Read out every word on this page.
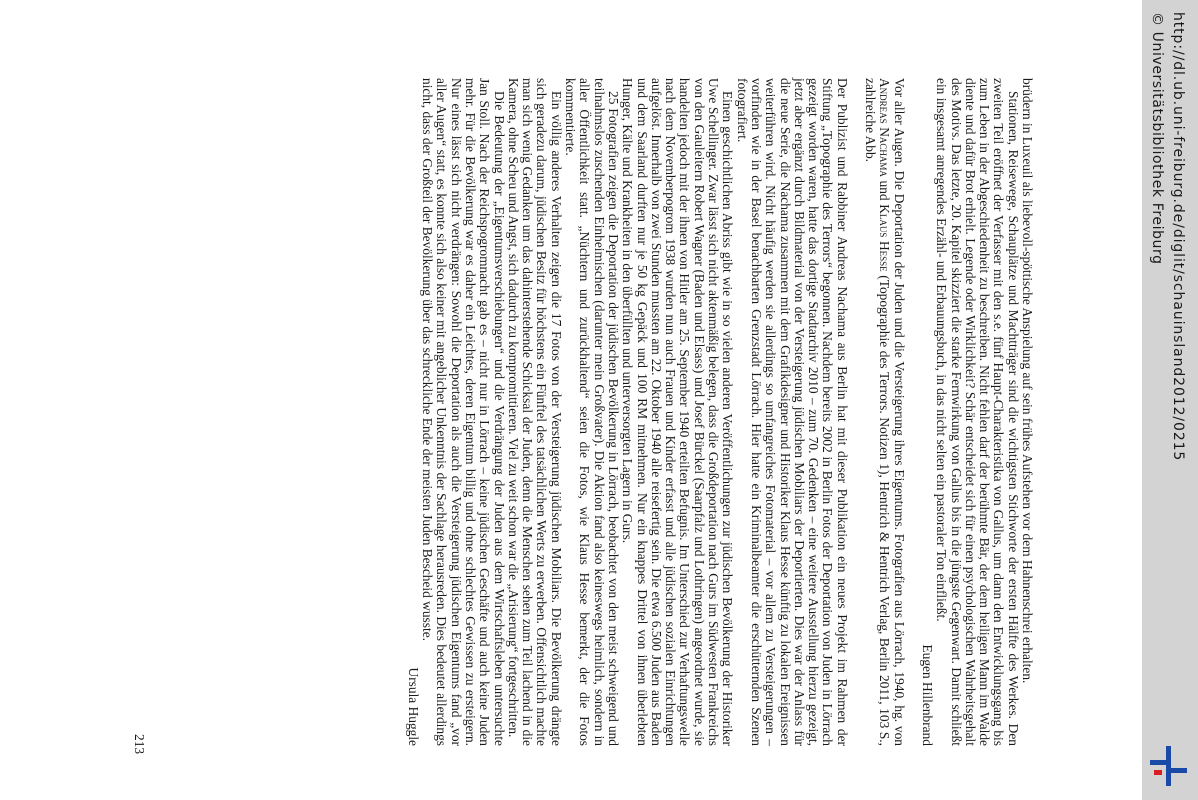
brüdern in Luxeuil als liebevoll-spöttische Anspielung auf sein frühes Aufstehen vor dem Hahnenschrei erhalten.

Stationen, Reisewege, Schauplätze und Machtträger sind die wichtigsten Stichworte der ersten Hälfte des Werkes. Den zweiten Teil eröffnet der Verfasser mit den s.e. fünf Haupt-Charakteristika von Gallus, um dann den Entwicklungsgang bis zum Leben in der Abgeschiedenheit zu beschreiben. Nicht fehlen darf der berühmte Bär, der dem heiligen Mann im Walde diente und dafür Brot erhielt. Legende oder Wirklichkeit? Schär entscheidet sich für einen psychologischen Wahrheitsgehalt des Motivs. Das letzte, 20. Kapitel skizziert die starke Fernwirkung von Gallus bis in die jüngste Gegenwart. Damit schließt ein insgesamt anregendes Erzähl- und Erbauungsbuch, in das nicht selten ein pastoraler Ton einfließt.

Eugen Hillenbrand

Vor aller Augen. Die Deportation der Juden und die Versteigerung ihres Eigentums. Fotografien aus Lörrach, 1940, hg. von Andreas Nachama und Klaus Hesse (Topographie des Terrors. Notizen 1), Hentrich & Hentrich Verlag, Berlin 2011, 103 S., zahlreiche Abb.

Der Publizist und Rabbiner Andreas Nachama aus Berlin hat mit dieser Publikation ein neues Projekt im Rahmen der Stiftung „Topographie des Terrors“ begonnen. Nachdem bereits 2002 in Berlin Fotos der Deportation von Juden in Lörrach gezeigt worden waren, hatte das dortige Stadtarchiv 2010 – zum 70. Gedenken – eine weitere Ausstellung hierzu gezeigt, jetzt aber ergänzt durch Bildmaterial von der Versteigerung jüdischen Mobiliars der Deportierten. Dies war der Anlass für die neue Serie, die Nachama zusammen mit dem Grafikdesigner und Historiker Klaus Hesse künftig zu lokalen Ereignissen weiterführen wird. Nicht häufig werden sie allerdings so umfangreiches Fotomaterial – vor allem zu Versteigerungen – vorfinden wie in der Basel benachbarten Grenzstadt Lörrach. Hier hatte ein Kriminalbeamter die erschütternden Szenen fotografiert.

Einen geschichtlichen Abriss gibt wie in so vielen anderen Veröffentlichungen zur jüdischen Bevölkerung der Historiker Uwe Schellinger. Zwar lässt sich nicht aktenmäßig belegen, dass die Großdeportation nach Gurs im Südwesten Frankreichs von den Gauleitern Robert Wagner (Baden und Elsass) und Josef Bürckel (Saarpfalz und Lothringen) angeordnet wurde, sie handelten jedoch mit der ihnen von Hitler am 25. September 1940 erteilten Befugnis. Im Unterschied zur Verhaftungswelle nach dem Novemberpogrom 1938 wurden nun auch Frauen und Kinder erfasst und alle jüdischen sozialen Einrichtungen aufgelöst. Innerhalb von zwei Stunden mussten am 22. Oktober 1940 alle reisefertig sein. Die etwa 6.500 Juden aus Baden und dem Saarland durften nur je 50 kg Gepäck und 100 RM mitnehmen. Nur ein knappes Drittel von ihnen überlebten Hunger, Kälte und Krankheiten in den überfüllten und unterversorgten Lagern in Gurs.

25 Fotografien zeigen die Deportation der jüdischen Bevölkerung in Lörrach, beobachtet von den meist schweigend und teilnahmslos zuschenden Einheimischen (darunter mein Großvater). Die Aktion fand also keineswegs heimlich, sondern in aller Öffentlichkeit statt. „Nüchtern und zurückhaltend“ seien die Fotos, wie Klaus Hesse bemerkt, der die Fotos kommentierte.

Ein völlig anderes Verhalten zeigen die 17 Fotos von der Versteigerung jüdischen Mobiliars. Die Bevölkerung drängte sich geradezu darum, jüdischen Besitz für höchstens ein Fünftel des tatsächlichen Werts zu erwerben. Offensichtlich machte man sich wenig Gedanken um das dahinterstehende Schicksal der Juden, denn die Menschen sehen zum Teil lachend in die Kamera, ohne Scheu und Angst, sich dadurch zu kompromittieren. Viel zu weit schon war die „Arisierung“ fortgeschritten.

Die Bedeutung der „Eigentumsverschiebungen“ und die Verdrängung der Juden aus dem Wirtschaftsleben untersuchte Jan Stoll. Nach der Reichspogromnacht gab es – nicht nur in Lörrach – keine jüdischen Geschäfte und auch keine Juden mehr. Für die Bevölkerung war es daher ein Leichtes, deren Eigentum billig und ohne schlechtes Gewissen zu ersteigern. Nur eines lässt sich nicht verdrängen: Sowohl die Deportation als auch die Versteigerung jüdischen Eigentums fand „vor aller Augen“ statt, es konnte sich also keiner mit angeblicher Unkenntnis der Sachlage herausreden. Dies bedeutet allerdings nicht, dass der Großteil der Bevölkerung über das schreckliche Ende der meisten Juden Bescheid wusste.

Ursula Huggle

213
http://dl.ub.uni-freiburg.de/diglit/schauinsland2012/0215
© Universitätsbibliothek Freiburg
